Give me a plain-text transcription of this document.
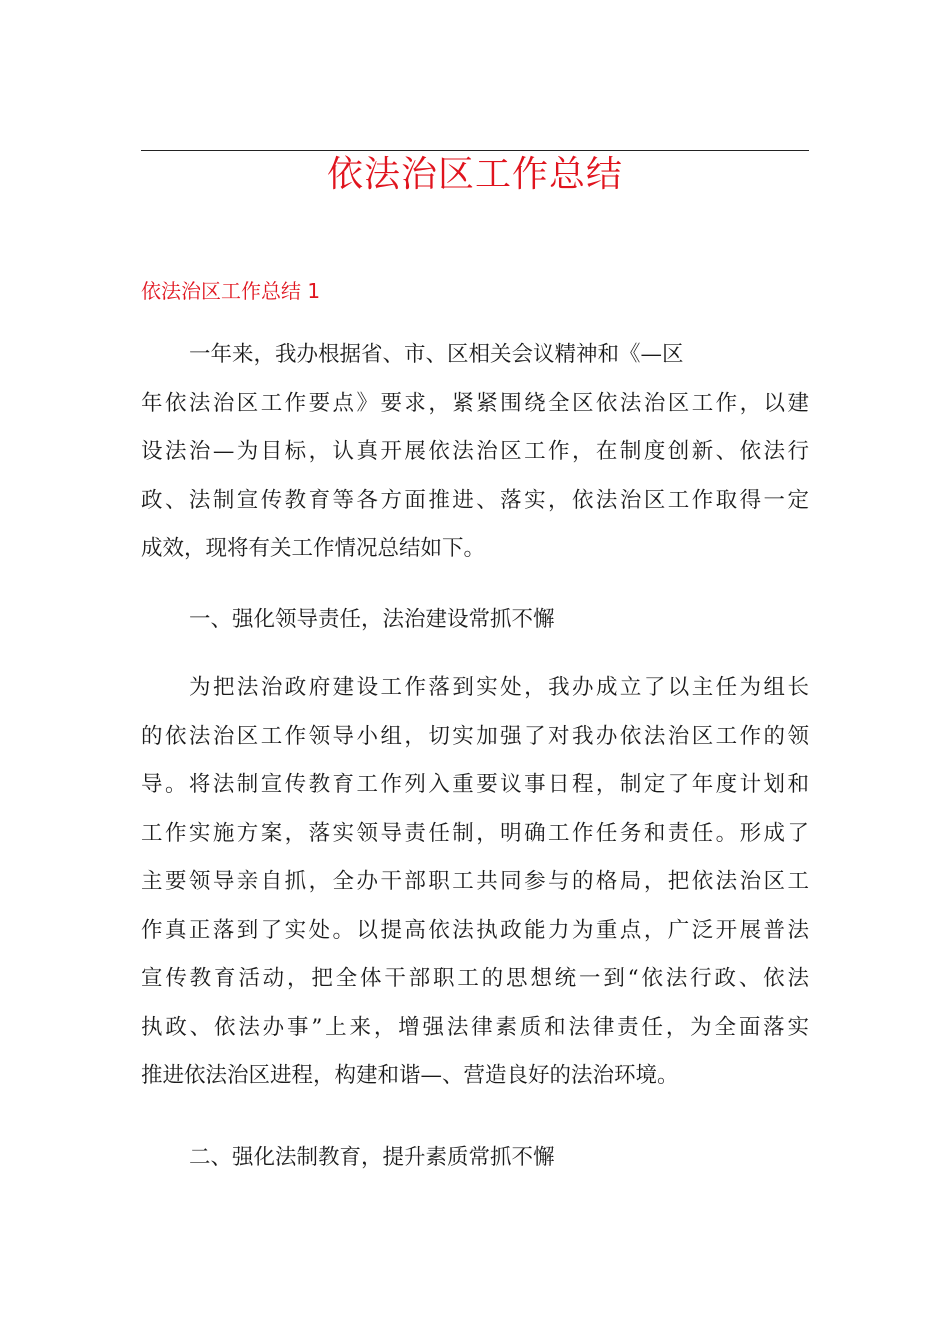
依法治区工作总结
依法治区工作总结 1

一年来，我办根据省、市、区相关会议精神和《—区
年依法治区工作要点》要求，紧紧围绕全区依法治区工作，以建
设法治—为目标，认真开展依法治区工作，在制度创新、依法行
政、法制宣传教育等各方面推进、落实，依法治区工作取得一定
成效，现将有关工作情况总结如下。

一、强化领导责任，法治建设常抓不懈

为把法治政府建设工作落到实处，我办成立了以主任为组长
的依法治区工作领导小组，切实加强了对我办依法治区工作的领
导。将法制宣传教育工作列入重要议事日程，制定了年度计划和
工作实施方案，落实领导责任制，明确工作任务和责任。形成了
主要领导亲自抓，全办干部职工共同参与的格局，把依法治区工
作真正落到了实处。以提高依法执政能力为重点，广泛开展普法
宣传教育活动，把全体干部职工的思想统一到“依法行政、依法
执政、依法办事”上来，增强法律素质和法律责任，为全面落实
推进依法治区进程，构建和谐—、营造良好的法治环境。

二、强化法制教育，提升素质常抓不懈
